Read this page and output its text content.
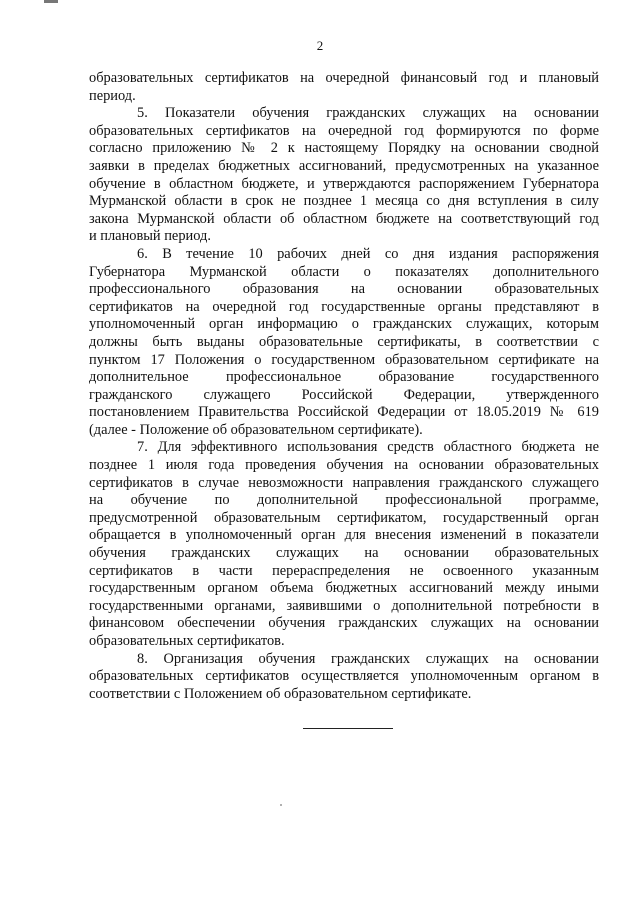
2
образовательных сертификатов на очередной финансовый год и плановый
период.
5. Показатели обучения гражданских служащих на основании
образовательных сертификатов на очередной год формируются по форме
согласно приложению № 2 к настоящему Порядку на основании сводной
заявки в пределах бюджетных ассигнований, предусмотренных на указанное
обучение в областном бюджете, и утверждаются распоряжением Губернатора
Мурманской области в срок не позднее 1 месяца со дня вступления в силу
закона Мурманской области об областном бюджете на соответствующий год
и плановый период.
6. В течение 10 рабочих дней со дня издания распоряжения
Губернатора Мурманской области о показателях дополнительного
профессионального образования на основании образовательных
сертификатов на очередной год государственные органы представляют в
уполномоченный орган информацию о гражданских служащих, которым
должны быть выданы образовательные сертификаты, в соответствии с
пунктом 17 Положения о государственном образовательном сертификате на
дополнительное профессиональное образование государственного
гражданского служащего Российской Федерации, утвержденного
постановлением Правительства Российской Федерации от 18.05.2019 № 619
(далее - Положение об образовательном сертификате).
7. Для эффективного использования средств областного бюджета не
позднее 1 июля года проведения обучения на основании образовательных
сертификатов в случае невозможности направления гражданского служащего
на обучение по дополнительной профессиональной программе,
предусмотренной образовательным сертификатом, государственный орган
обращается в уполномоченный орган для внесения изменений в показатели
обучения гражданских служащих на основании образовательных
сертификатов в части перераспределения не освоенного указанным
государственным органом объема бюджетных ассигнований между иными
государственными органами, заявившими о дополнительной потребности в
финансовом обеспечении обучения гражданских служащих на основании
образовательных сертификатов.
8. Организация обучения гражданских служащих на основании
образовательных сертификатов осуществляется уполномоченным органом в
соответствии с Положением об образовательном сертификате.
